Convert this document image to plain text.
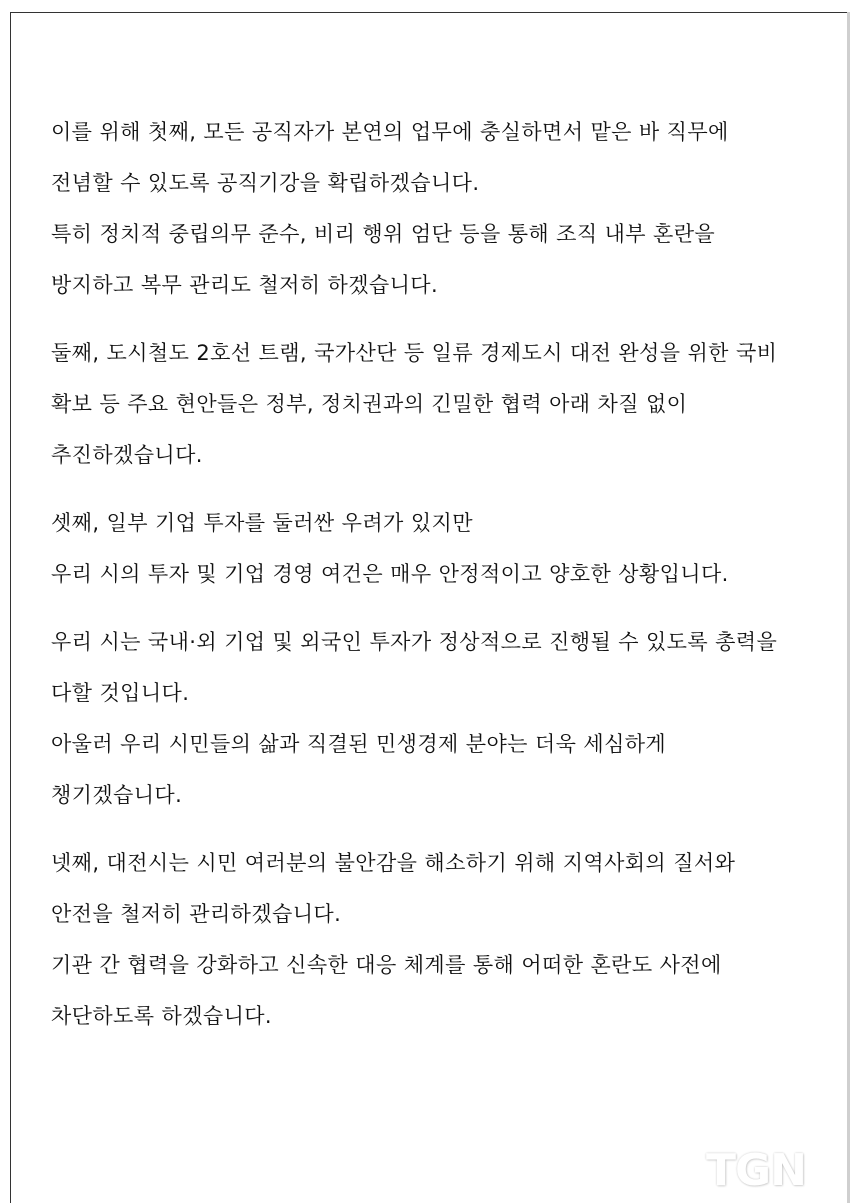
이를 위해 첫째, 모든 공직자가 본연의 업무에 충실하면서 맡은 바 직무에
전념할 수 있도록 공직기강을 확립하겠습니다.
특히 정치적 중립의무 준수, 비리 행위 엄단 등을 통해 조직 내부 혼란을
방지하고 복무 관리도 철저히 하겠습니다.
둘째, 도시철도 2호선 트램, 국가산단 등 일류 경제도시 대전 완성을 위한 국비
확보 등 주요 현안들은 정부, 정치권과의 긴밀한 협력 아래 차질 없이
추진하겠습니다.
셋째, 일부 기업 투자를 둘러싼 우려가 있지만
우리 시의 투자 및 기업 경영 여건은 매우 안정적이고 양호한 상황입니다.
우리 시는 국내·외 기업 및 외국인 투자가 정상적으로 진행될 수 있도록 총력을
다할 것입니다.
아울러 우리 시민들의 삶과 직결된 민생경제 분야는 더욱 세심하게
챙기겠습니다.
넷째, 대전시는 시민 여러분의 불안감을 해소하기 위해 지역사회의 질서와
안전을 철저히 관리하겠습니다.
기관 간 협력을 강화하고 신속한 대응 체계를 통해 어떠한 혼란도 사전에
차단하도록 하겠습니다.
TGN
